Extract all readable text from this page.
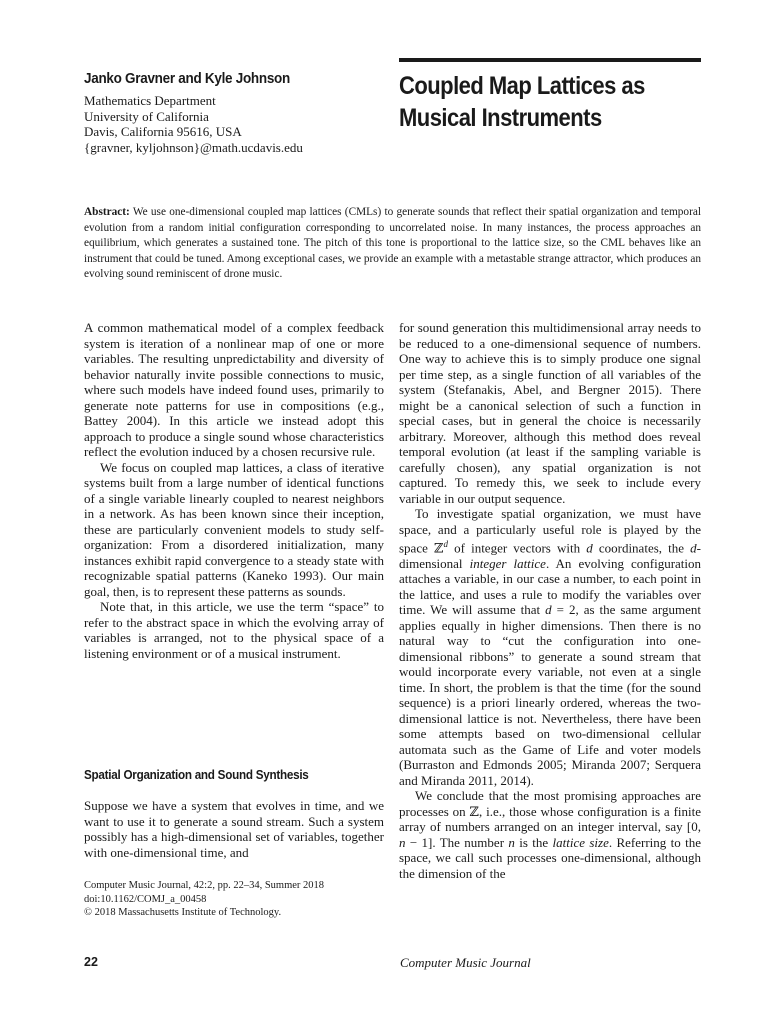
Janko Gravner and Kyle Johnson
Mathematics Department
University of California
Davis, California 95616, USA
{gravner, kyljohnson}@math.ucdavis.edu
Coupled Map Lattices as
Musical Instruments
Abstract: We use one-dimensional coupled map lattices (CMLs) to generate sounds that reflect their spatial organization and temporal evolution from a random initial configuration corresponding to uncorrelated noise. In many instances, the process approaches an equilibrium, which generates a sustained tone. The pitch of this tone is proportional to the lattice size, so the CML behaves like an instrument that could be tuned. Among exceptional cases, we provide an example with a metastable strange attractor, which produces an evolving sound reminiscent of drone music.

A common mathematical model of a complex feedback system is iteration of a nonlinear map of one or more variables. The resulting unpredictability and diversity of behavior naturally invite possible connections to music, where such models have indeed found uses, primarily to generate note patterns for use in compositions (e.g., Battey 2004). In this article we instead adopt this approach to produce a single sound whose characteristics reflect the evolution induced by a chosen recursive rule.

We focus on coupled map lattices, a class of iterative systems built from a large number of identical functions of a single variable linearly coupled to nearest neighbors in a network. As has been known since their inception, these are particularly convenient models to study self-organization: From a disordered initialization, many instances exhibit rapid convergence to a steady state with recognizable spatial patterns (Kaneko 1993). Our main goal, then, is to represent these patterns as sounds.

Note that, in this article, we use the term “space” to refer to the abstract space in which the evolving array of variables is arranged, not to the physical space of a listening environment or of a musical instrument.

Spatial Organization and Sound Synthesis

Suppose we have a system that evolves in time, and we want to use it to generate a sound stream. Such a system possibly has a high-dimensional set of variables, together with one-dimensional time, and

Computer Music Journal, 42:2, pp. 22–34, Summer 2018
doi:10.1162/COMJ_a_00458
© 2018 Massachusetts Institute of Technology.

for sound generation this multidimensional array needs to be reduced to a one-dimensional sequence of numbers. One way to achieve this is to simply produce one signal per time step, as a single function of all variables of the system (Stefanakis, Abel, and Bergner 2015). There might be a canonical selection of such a function in special cases, but in general the choice is necessarily arbitrary. Moreover, although this method does reveal temporal evolution (at least if the sampling variable is carefully chosen), any spatial organization is not captured. To remedy this, we seek to include every variable in our output sequence.

To investigate spatial organization, we must have space, and a particularly useful role is played by the space ℤ$^d$ of integer vectors with d coordinates, the d-dimensional integer lattice. An evolving configuration attaches a variable, in our case a number, to each point in the lattice, and uses a rule to modify the variables over time. We will assume that d = 2, as the same argument applies equally in higher dimensions. Then there is no natural way to “cut the configuration into one-dimensional ribbons” to generate a sound stream that would incorporate every variable, not even at a single time. In short, the problem is that the time (for the sound sequence) is a priori linearly ordered, whereas the two-dimensional lattice is not. Nevertheless, there have been some attempts based on two-dimensional cellular automata such as the Game of Life and voter models (Burraston and Edmonds 2005; Miranda 2007; Serquera and Miranda 2011, 2014).

We conclude that the most promising approaches are processes on ℤ, i.e., those whose configuration is a finite array of numbers arranged on an integer interval, say [0, n − 1]. The number n is the lattice size. Referring to the space, we call such processes one-dimensional, although the dimension of the

22	Computer Music Journal
